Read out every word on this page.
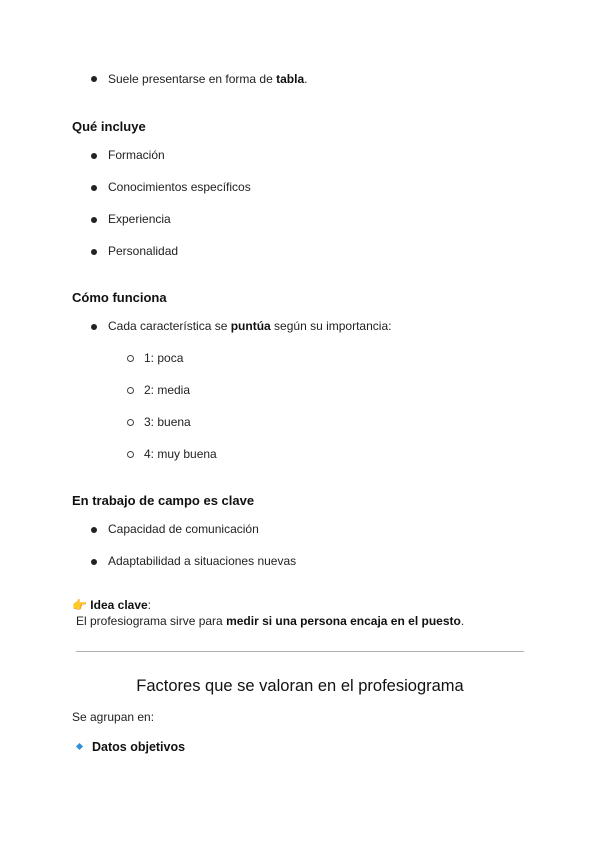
Suele presentarse en forma de tabla.
Qué incluye
Formación
Conocimientos específicos
Experiencia
Personalidad
Cómo funciona
Cada característica se puntúa según su importancia:
1: poca
2: media
3: buena
4: muy buena
En trabajo de campo es clave
Capacidad de comunicación
Adaptabilidad a situaciones nuevas
👉 Idea clave:
El profesiograma sirve para medir si una persona encaja en el puesto.
Factores que se valoran en el profesiograma
Se agrupan en:
Datos objetivos
